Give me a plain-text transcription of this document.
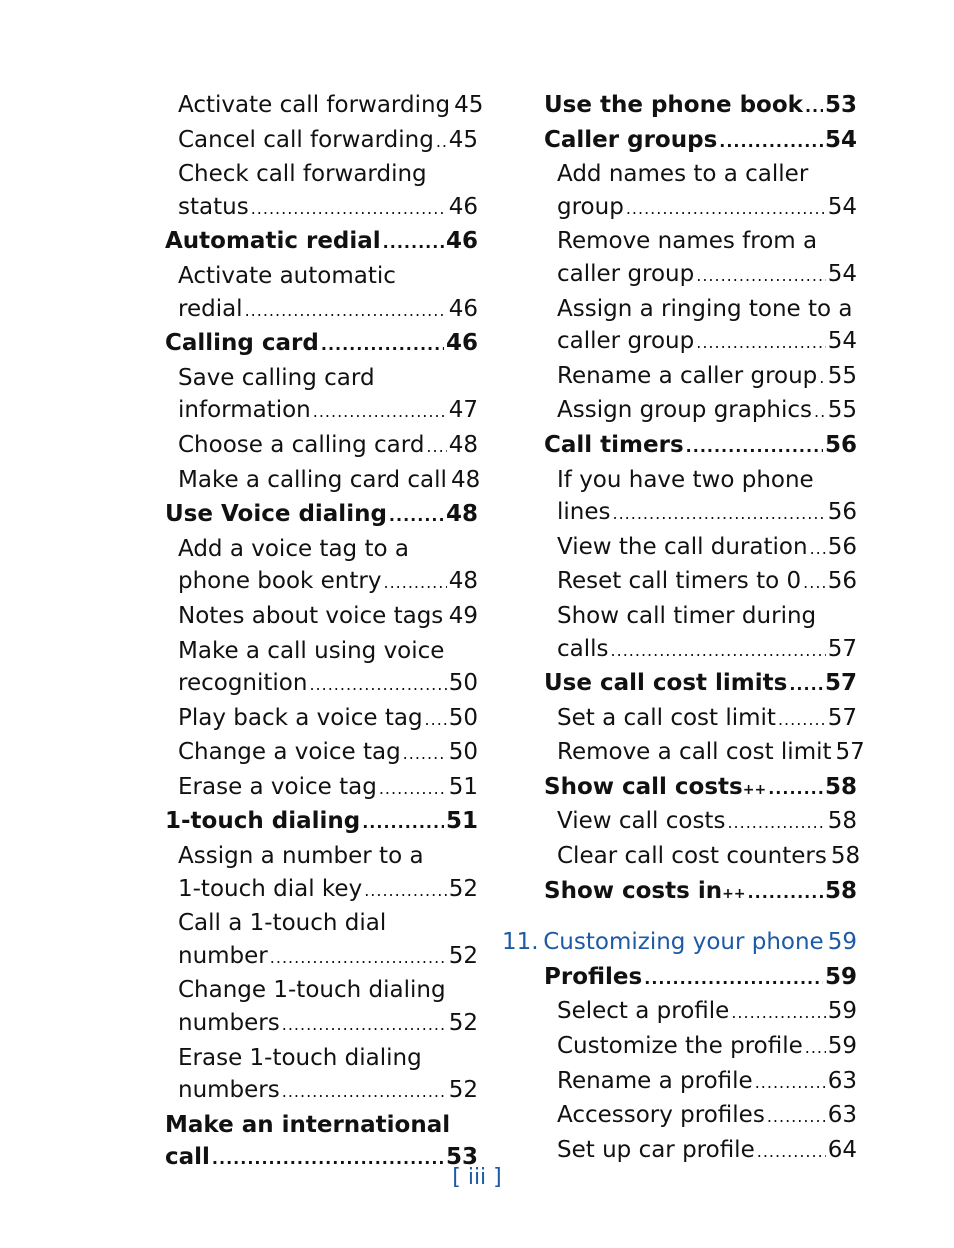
Activate call forwarding 45
Cancel call forwarding ..... 45
Check call forwarding
status .....	46
Automatic redial .....	46
Activate automatic
redial .....	46
Calling card .....	46
Save calling card
information .....	47
Choose a calling card ..... 48
Make a calling card call 48
Use Voice dialing .....	48
Add a voice tag to a
phone book entry .....	48
Notes about voice tags ..... 49
Make a call using voice
recognition .....	50
Play back a voice tag ..... 50
Change a voice tag ..... 50
Erase a voice tag .....	51
1-touch dialing .....	51
Assign a number to a
1-touch dial key .....	52
Call a 1-touch dial
number .....	52
Change 1-touch dialing
numbers .....	52
Erase 1-touch dialing
numbers .....	52
Make an international
call .....	53
Use the phone book ..... 53
Caller groups .....	54
Add names to a caller
group .....	54
Remove names from a
caller group .....	54
Assign a ringing tone to a
caller group .....	54
Rename a caller group ..... 55
Assign group graphics ..... 55
Call timers .....	56
If you have two phone
lines .....	56
View the call duration ..... 56
Reset call timers to 0 ..... 56
Show call timer during
calls .....	57
Use call cost limits ..... 57
Set a call cost limit ..... 57
Remove a call cost limit 57
Show call costs ++ .....	58
View call costs .....	58
Clear call cost counters 58
Show costs in ++ .....	58
11. Customizing your phone 59
Profiles .....	59
Select a profile .....	59
Customize the profile ..... 59
Rename a profile .....	63
Accessory profiles .....	63
Set up car profile .....	64
[ iii ]
